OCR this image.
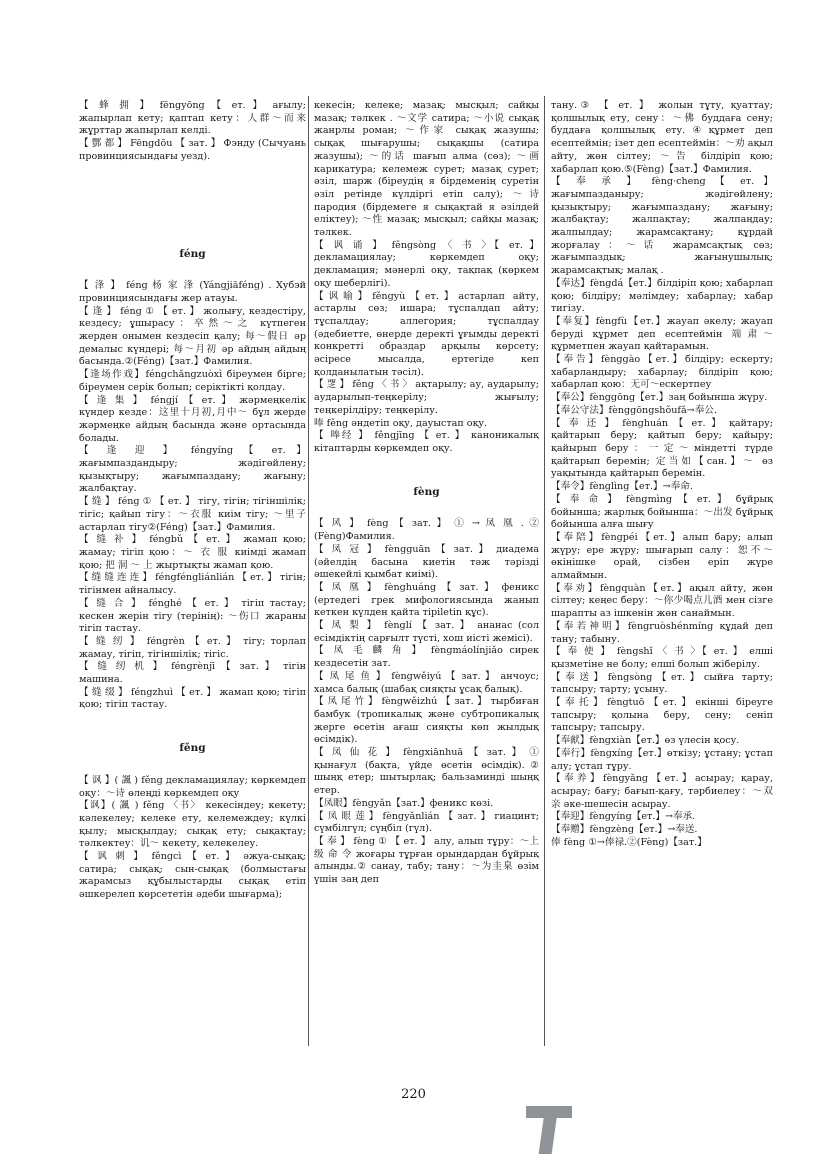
【 蜂 拥 】 fēngyōng 【 ет. 】 ағылу; жапырлап кету; қаптап кету：人群～而来 жұрттар жапырлап келді.

【 酆 都 】 Fēngdōu 【 зат. 】 Фэнду (Сычуань провинциясындағы уезд).

féng

【 浲 】 féng 杨 家 浲 (Yángjiāféng) . Хубэй провинциясындағы жер атауы.

【 逢 】 féng ① 【 ет. 】 жолығу, кездестіру, кездесу; ұшырасу：卒然～之 күтпеген жерден онымен кездесіп қалу; 每～假日 әр демалыс күндері; 每～月初 әр айдың айдың басында.②(Féng)【зат.】Фамилия.

【逢场作戏】féngchǎngzuòxì біреумен бірге; біреумен серік болып; серіктікті қолдау.

【 逢 集 】 féngjí 【 ет. 】 жәрмеңкелік күндер кезде：这里十月初,月中～ бұл жерде жәрмеңке айдың басында және ортасында болады.

【 逢 迎 】 féngyíng 【 ет. 】 жағымпаздандыру; жәдігөйлену; қызықтыру; жағымпаздану; жағыну; жалбақтау.

【 缝 】 féng ① 【 ет. 】 тігу, тігін; тігіншілік; тігіс; қайып тігу：～衣服 киім тігу; ～里子 астарлап тігу②(Féng)【зат.】Фамилия.

【 缝 补 】 féngbǔ 【 ет. 】 жамап қою; жамау; тігіп қою：～ 衣 服 киімді жамап қою; 把 洞 ～ 上 жыртықты жамап қою.

【缝缝连连】féngféngliánlián【ет.】тігін; тігінмен айналысу.

【 缝 合 】 fénghé 【 ет. 】 тігіп тастау; кескен жерін тігу (терінің): ～伤口 жараны тігіп тастау.

【 缝 纫 】 féngrèn 【 ет. 】 тігу; торлап жамау, тігіп, тігіншілік; тігіс.

【 缝 纫 机 】 féngrènjī 【 зат. 】 тігін машина.

【 缝 缀 】 féngzhuì 【 ет. 】 жамап қою; тігіп қою; тігіп тастау.

fěng

【 讽 】( 諷 ) fěng декламациялау; көркемдеп оқу：～诗 өлеңді көркемдеп оқу

【讽】( 諷 ) fěng 〈书〉 кекесіндеу; кекету; кәлекелеу; келеке ету, келемеждеу; күлкі қылу; мысқылдау; сықақ ету; сықақтау; тәлкектеу：讥～ кекету, келекелеу.

【 讽 刺 】 fěngcì 【 ет. 】 әжуа-сықақ; сатира; сықақ; сын-сықақ (болмыстағы жарамсыз құбылыстарды сықақ етіп әшкерелеп көрсететін әдеби шығарма);

кекесін; келеке; мазақ; мысқыл; сайқы мазақ; тәлкек . ～文学 сатира; ～小说 сықақ жанрлы роман; ～作家 сықақ жазушы; сықақ шығарушы; сықақшы (сатира жазушы); ～的话 шағып алма (сөз); ～画 карикатура; келемеж сурет; мазақ сурет; әзіл, шарж (біреудің я бірдеменің суретін әзіл ретінде күлдіргі етіп салу); ～诗 пародия (бірдемеге я сықақтай я әзілдей еліктеу); ～性 мазақ; мысқыл; сайқы мазақ; тәлкек.

【 讽 诵 】 fěngsòng 〈 书 〉【 ет. 】 декламациялау; көркемдеп оқу; декламация; мәнерлі оқу, тақпақ (көркем оқу шеберлігі).

【讽喻】fěngyù【ет.】астарлап айту, астарлы сөз; ишара; тұспалдап айту; тұспалдау; аллегория; тұспалдау (әдебиетте, өнерде деректі ұғымды деректі конкретті образдар арқылы көрсету; әсіресе мысалда, ертегіде кеп қолданылатын тәсіл).

【 覂 】 fěng 〈 书 〉 ақтарылу; ау, аударылу; аударылып-теңкерілу; жығылу; теңкерілдіру; теңкерілу.

唪 fěng әндетіп оқу, дауыстап оқу.

【 唪经 】 fěngjīng 【 ет. 】 каноникалық кітаптарды көркемдеп оқу.

fèng

【 风 】 fèng 【 зат. 】 ① → 凤 凰 . ② (Fèng)Фамилия.

【 凤 冠 】 fèngguān 【 зат. 】 диадема (әйелдің басына киетін тәж тәрізді әшекейлі қымбат киімі).

【 凤 凰 】 fènghuáng 【 зат. 】 феникс (ертедегі грек мифологиясында жанып кеткен күлден қайта тіріletin құс).

【 凤 梨 】 fènglí 【 зат. 】 ананас (сол есімдіктің сарғылт түсті, хош иісті жемісі).

【 凤 毛 麟 角 】 fèngmáolínjiǎo сирек кездесетін зат.

【 凤 尾 鱼 】 fèngwěiyú 【 зат. 】 анчоус; хамса балық (шабақ сияқты ұсақ балық).

【 凤 尾 竹 】 fèngwěizhú 【 зат. 】 тырбиған бамбук (тропикалық және субтропикалық жерге өсетін ағаш сияқты көп жылдық өсімдік).

【 凤 仙 花 】 fèngxiānhuā 【 зат. 】 ① қынағул (бақта, үйде өсетін өсімдік).② шыңқ етер; шытырлақ; бальзаминді шыңқ етер.

【凤眼】fèngyǎn【зат.】феникс көзі.

【凤眼莲】fèngyǎnlián【зат.】гиацинт; сүмбілгүл; сүңбіл (гүл).

【 奉 】 fèng ① 【 ет. 】 алу, алып тұру：～上 级 命 令 жоғары тұрған орындардан бұйрық алынды.② санау, табу; тану：～为圭臬 өзім үшін заң деп

тану.③ 【 ет. 】 жолын тұту, қуаттау; қолшылық ету, сену：～佛 буддаға сену; буддаға қолшылық ету.④құрмет деп есептеймін; ізет деп есептеймін：～劝 ақыл айту, жөн сілтеу; ～告 білдіріп қою; хабарлап қою.⑤(Fèng)【зат.】Фамилия.

【 奉 承 】 fèng·cheng 【 ет. 】 жағымпазданыру; жәдігөйлену; қызықтыру; жағымпаздану; жағыну; жалбақтау; жалпақтау; жалпаңдау; жалпылдау; жарамсақтану; құрдай жорғалау：～话 жарамсақтық сөз; жағымпаздық; жағынушылық; жарамсақтық; малақ .

【奉达】fèngdá【ет.】білдіріп қою; хабарлап қою; білдіру; мәлімдеу; хабарлау; хабар тигізу.

【奉复】fèngfù【ет.】жауап әкелу; жауап беруді құрмет деп есептеймін 端肃～құрметпен жауап қайтарамын.

【奉告】fènggào【ет.】білдіру; ескерту; хабарландыру; хабарлау; білдіріп қою; хабарлап қою：无可～ескертпеу

【奉公】fènggōng【ет.】заң бойынша жүру.

【奉公守法】fènggōngshǒufǎ→奉公.

【 奉 还 】 fènghuán 【 ет. 】 қайтару; қайтарып беру; қайтып беру; қайыру; қайырып беру：一定～міндетті түрде қайтарып беремін; 定当如【сан.】～ өз уақытында қайтарып беремін.

【奉令】fènglìng【ет.】→奉命.

【 奉 命 】 fèngmìng 【 ет. 】 бұйрық бойынша; жарлық бойынша：～出发 бұйрық бойынша алға шығу

【奉陪】fèngpéi【ет.】алып бару; алып жүру; ере жүру; шығарып салу：恕不～өкінішке орай, сізбен еріп жүре алмаймын.

【奉劝】fèngquàn【ет.】ақыл айту, жөн сілтеу; кеңес беру：～你少喝点儿酒 мен сізге шарапты аз ішкенін жөн санаймын.

【奉若神明】fèngruòshénmíng құдай деп тану; табыну.

【 奉 使 】 fèngshǐ 〈 书 〉【 ет. 】 елші қызметіне не болу; елші болып жіберілу.

【奉送】fèngsòng【ет.】сыйға тарту; тапсыру; тарту; ұсыну.

【奉托】fèngtuō【ет.】екінші біреуге тапсыру; қолына беру, сену; сеніп тапсыру; тапсыру.

【奉献】fèngxiàn【ет.】өз үлесін қосу.

【奉行】fèngxíng【ет.】өткізу; ұстану; ұстап алу; ұстап тұру.

【奉养】fèngyǎng【ет.】асырау; қарау, асырау; бағу; бағып-қағу, тәрбиелеу：～双亲 әке-шешесін асырау.

【奉迎】fèngyíng【ет.】→奉承.

【奉赠】fèngzèng【ет.】→奉送.

俸 fèng ①→俸禄.②(Fèng)【зат.】

220
